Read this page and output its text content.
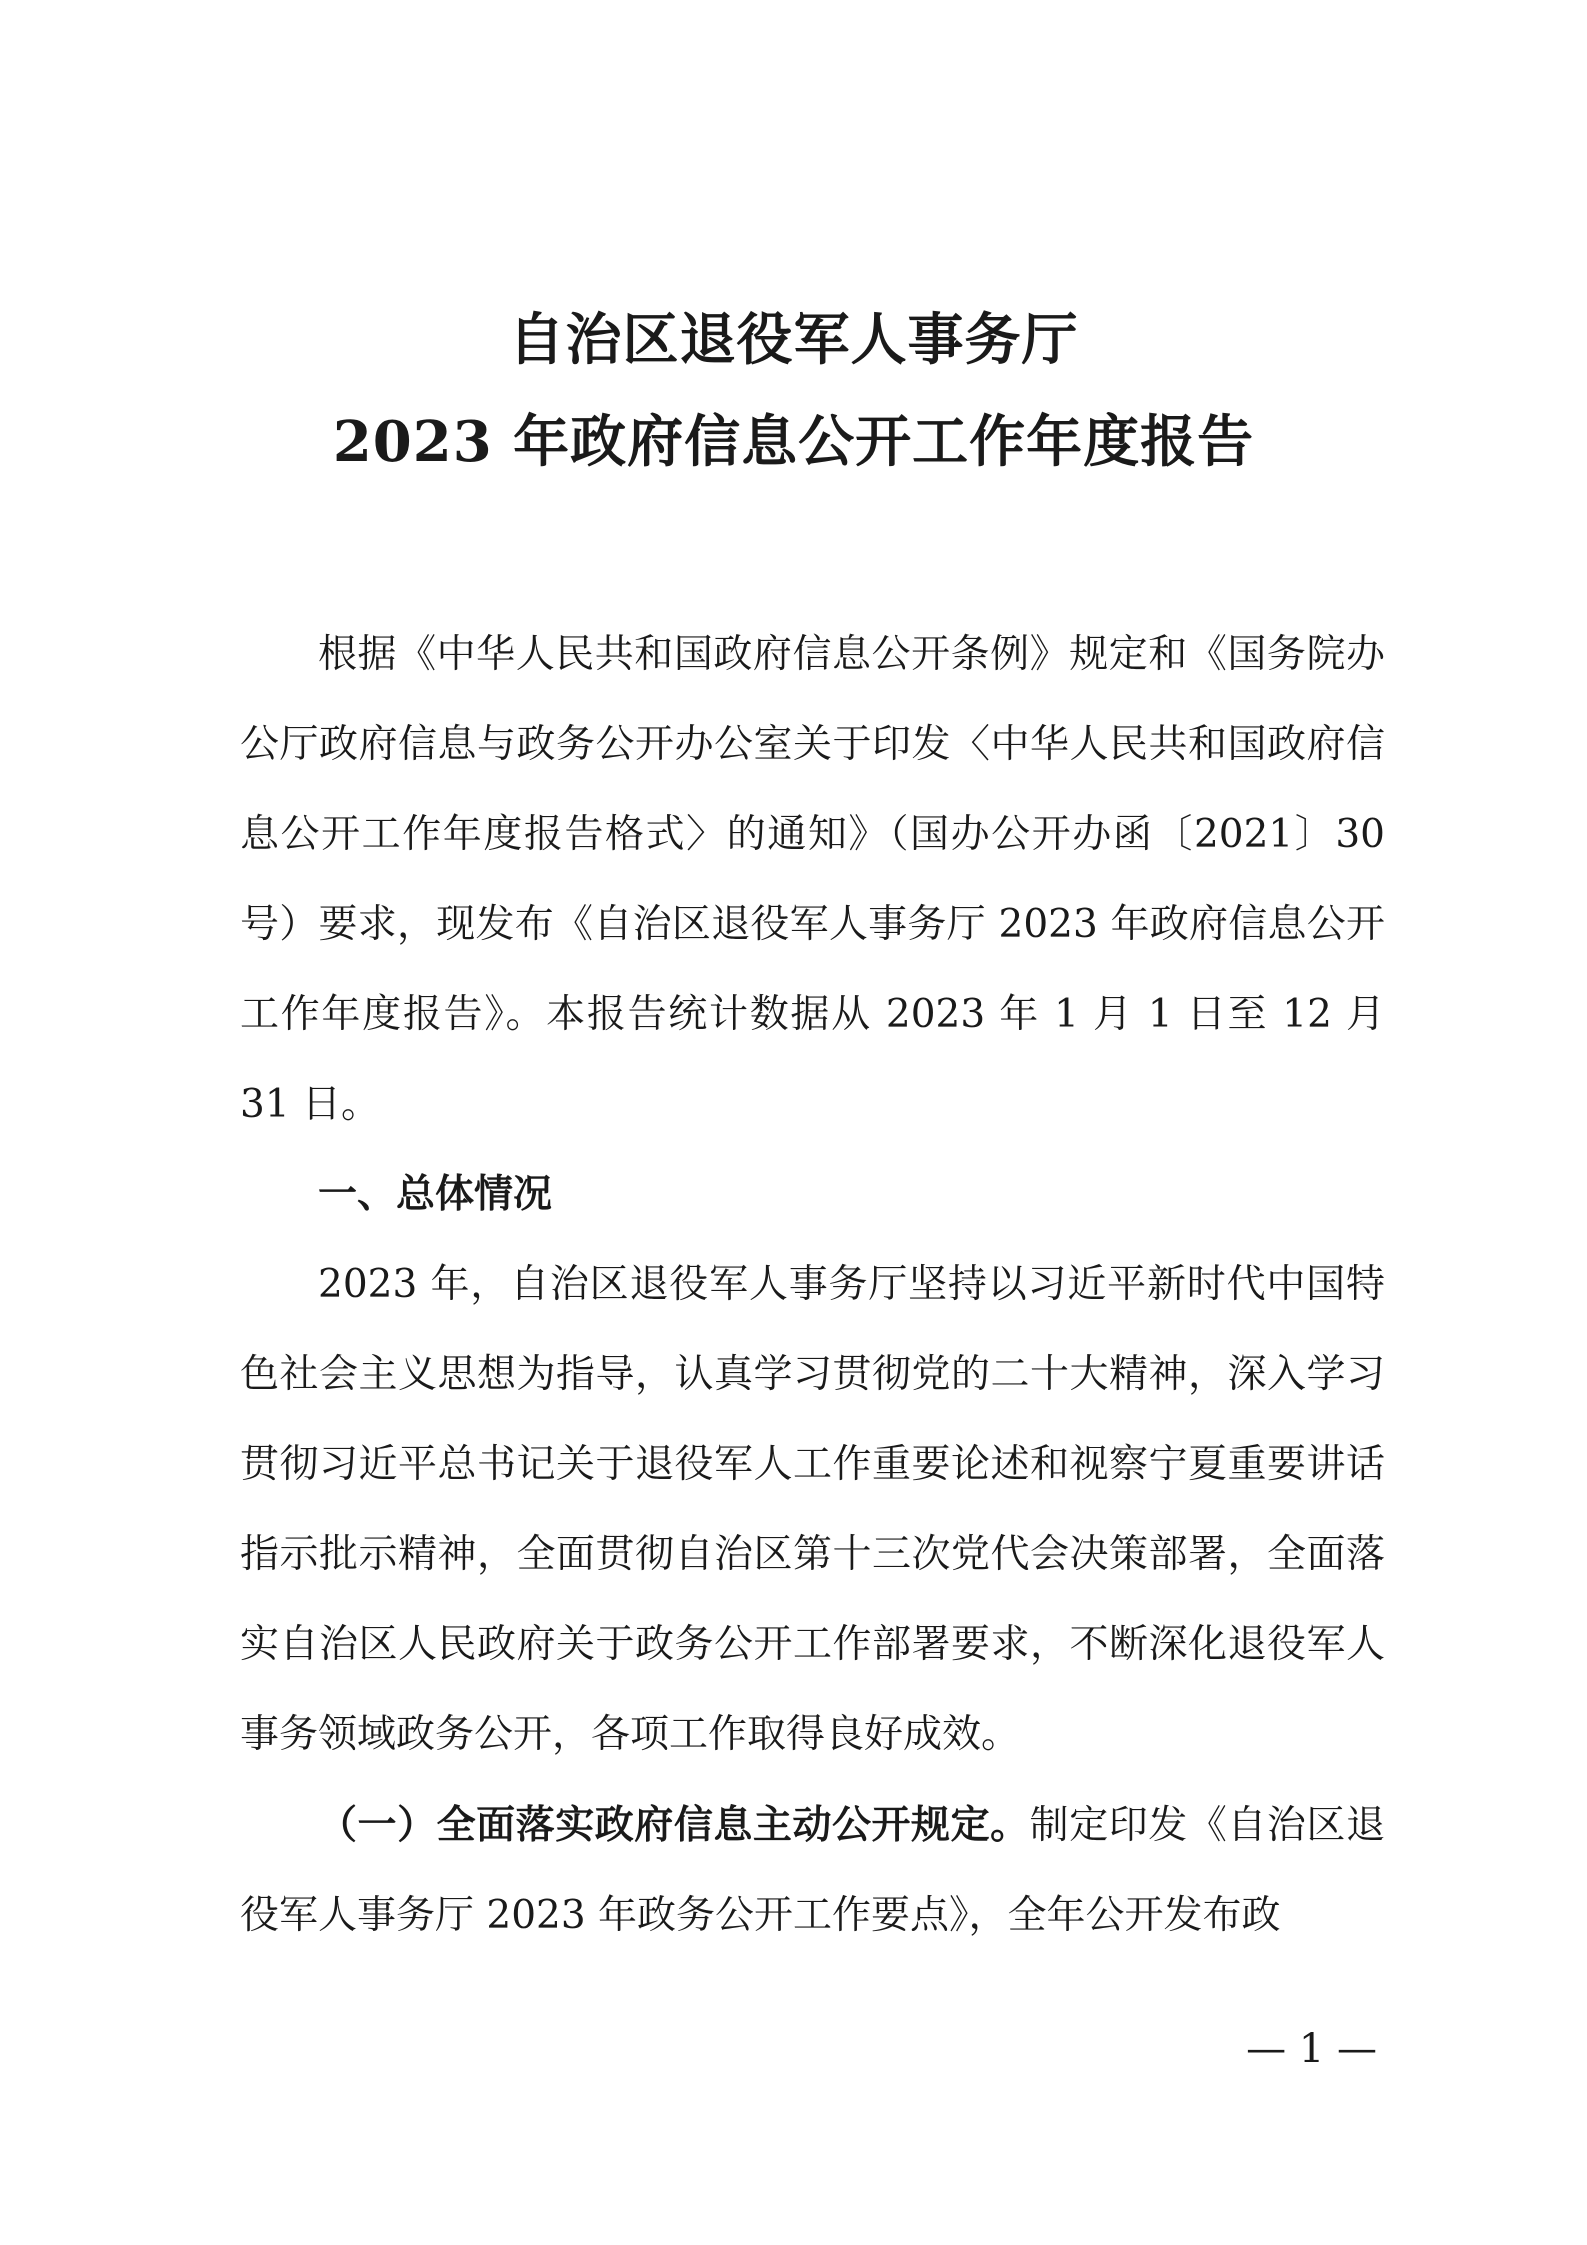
自治区退役军人事务厅
2023 年政府信息公开工作年度报告

根据《中华人民共和国政府信息公开条例》规定和《国务院办公厅政府信息与政务公开办公室关于印发〈中华人民共和国政府信息公开工作年度报告格式〉的通知》（国办公开办函〔2021〕30 号）要求，现发布《自治区退役军人事务厅 2023 年政府信息公开工作年度报告》。本报告统计数据从 2023 年 1 月 1 日至 12 月 31 日。

一、总体情况

2023 年，自治区退役军人事务厅坚持以习近平新时代中国特色社会主义思想为指导，认真学习贯彻党的二十大精神，深入学习贯彻习近平总书记关于退役军人工作重要论述和视察宁夏重要讲话指示批示精神，全面贯彻自治区第十三次党代会决策部署，全面落实自治区人民政府关于政务公开工作部署要求，不断深化退役军人事务领域政务公开，各项工作取得良好成效。

（一）全面落实政府信息主动公开规定。制定印发《自治区退役军人事务厅 2023 年政务公开工作要点》，全年公开发布政

— 1 —
